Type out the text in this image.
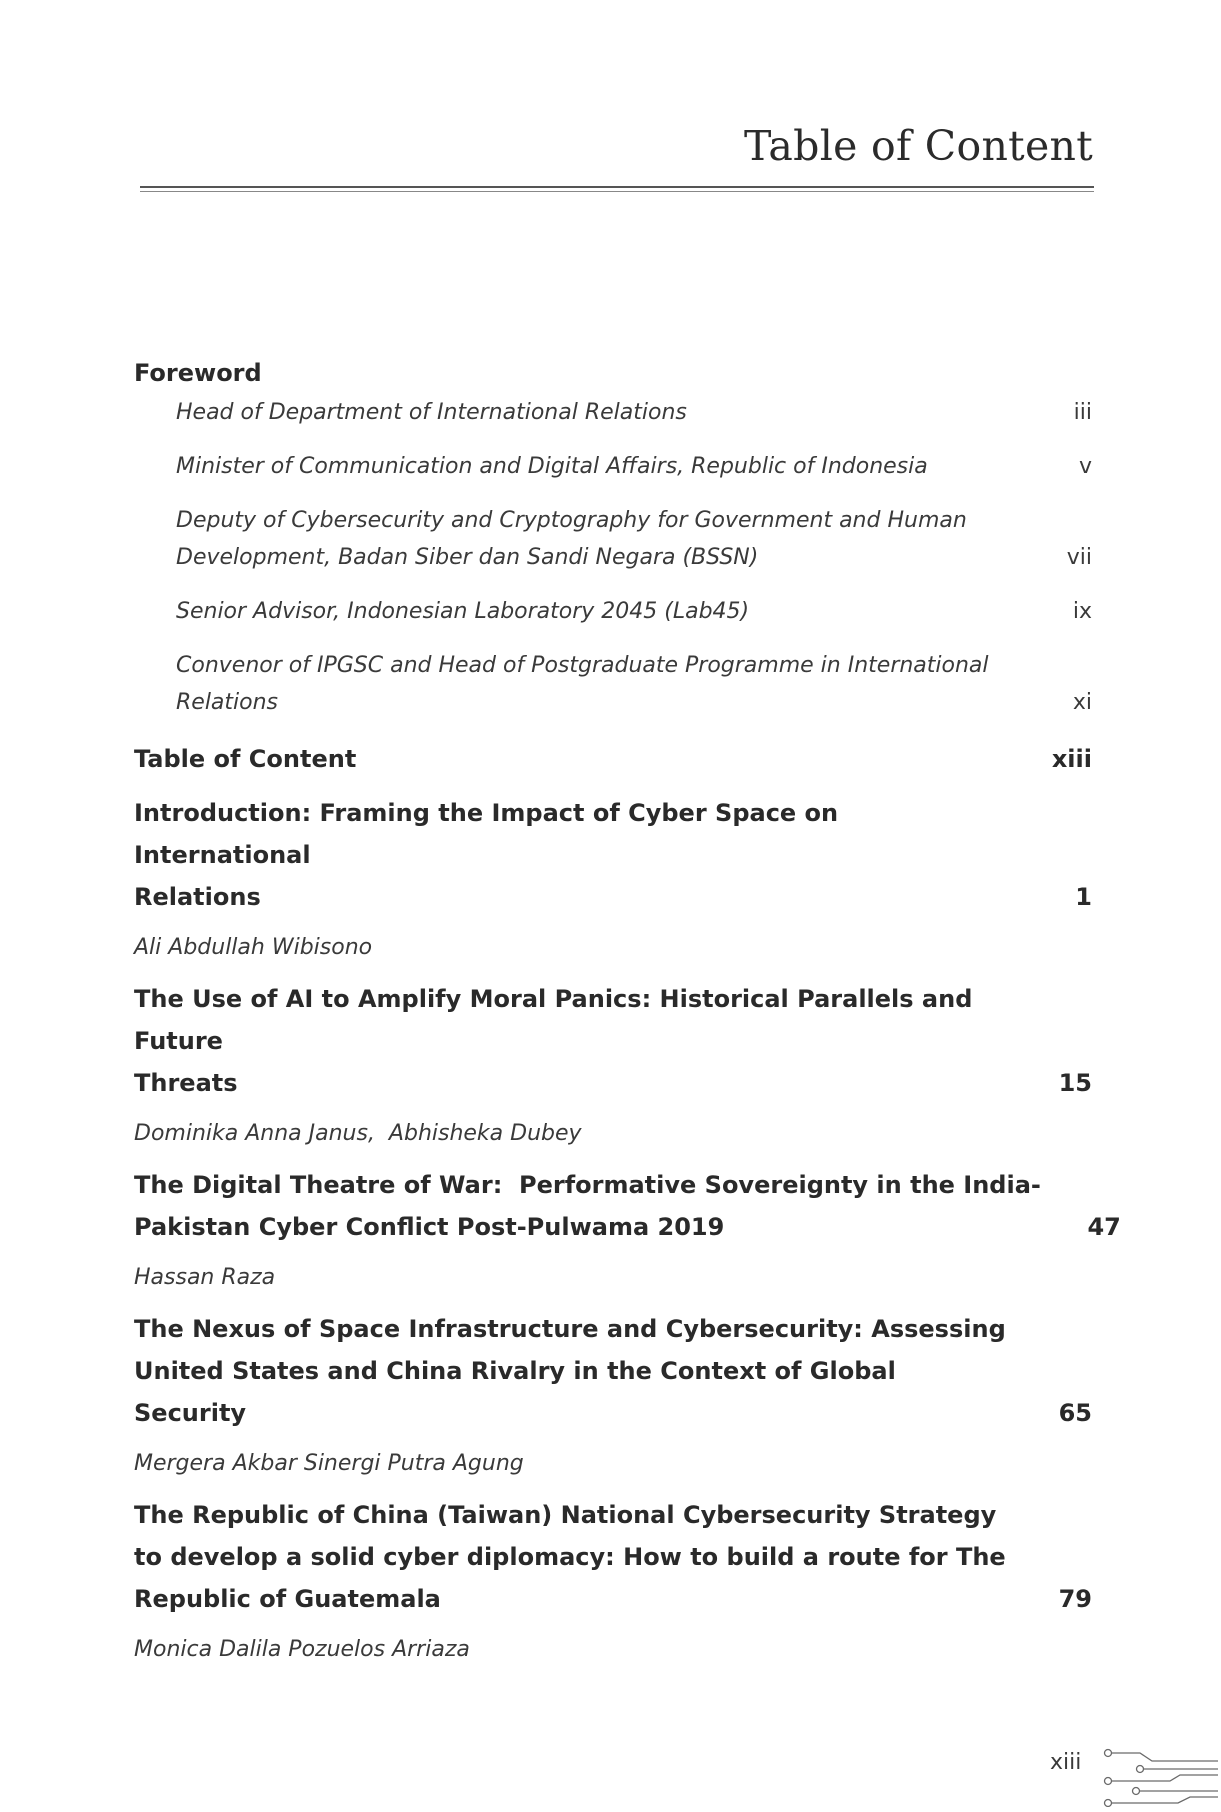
Table of Content
Foreword
Head of Department of International Relations	iii
Minister of Communication and Digital Affairs, Republic of Indonesia	v
Deputy of Cybersecurity and Cryptography for Government and Human
Development, Badan Siber dan Sandi Negara (BSSN)	vii
Senior Advisor, Indonesian Laboratory 2045 (Lab45)	ix
Convenor of IPGSC and Head of Postgraduate Programme in International
Relations	xi
Table of Content	xiii
Introduction: Framing the Impact of Cyber Space on International
Relations	1
Ali Abdullah Wibisono
The Use of AI to Amplify Moral Panics: Historical Parallels and Future
Threats	15
Dominika Anna Janus,  Abhisheka Dubey
The Digital Theatre of War:  Performative Sovereignty in the India-
Pakistan Cyber Conflict Post-Pulwama 2019	47
Hassan Raza
The Nexus of Space Infrastructure and Cybersecurity: Assessing
United States and China Rivalry in the Context of Global Security	65
Mergera Akbar Sinergi Putra Agung
The Republic of China (Taiwan) National Cybersecurity Strategy
to develop a solid cyber diplomacy: How to build a route for The
Republic of Guatemala	79
Monica Dalila Pozuelos Arriaza
xiii
